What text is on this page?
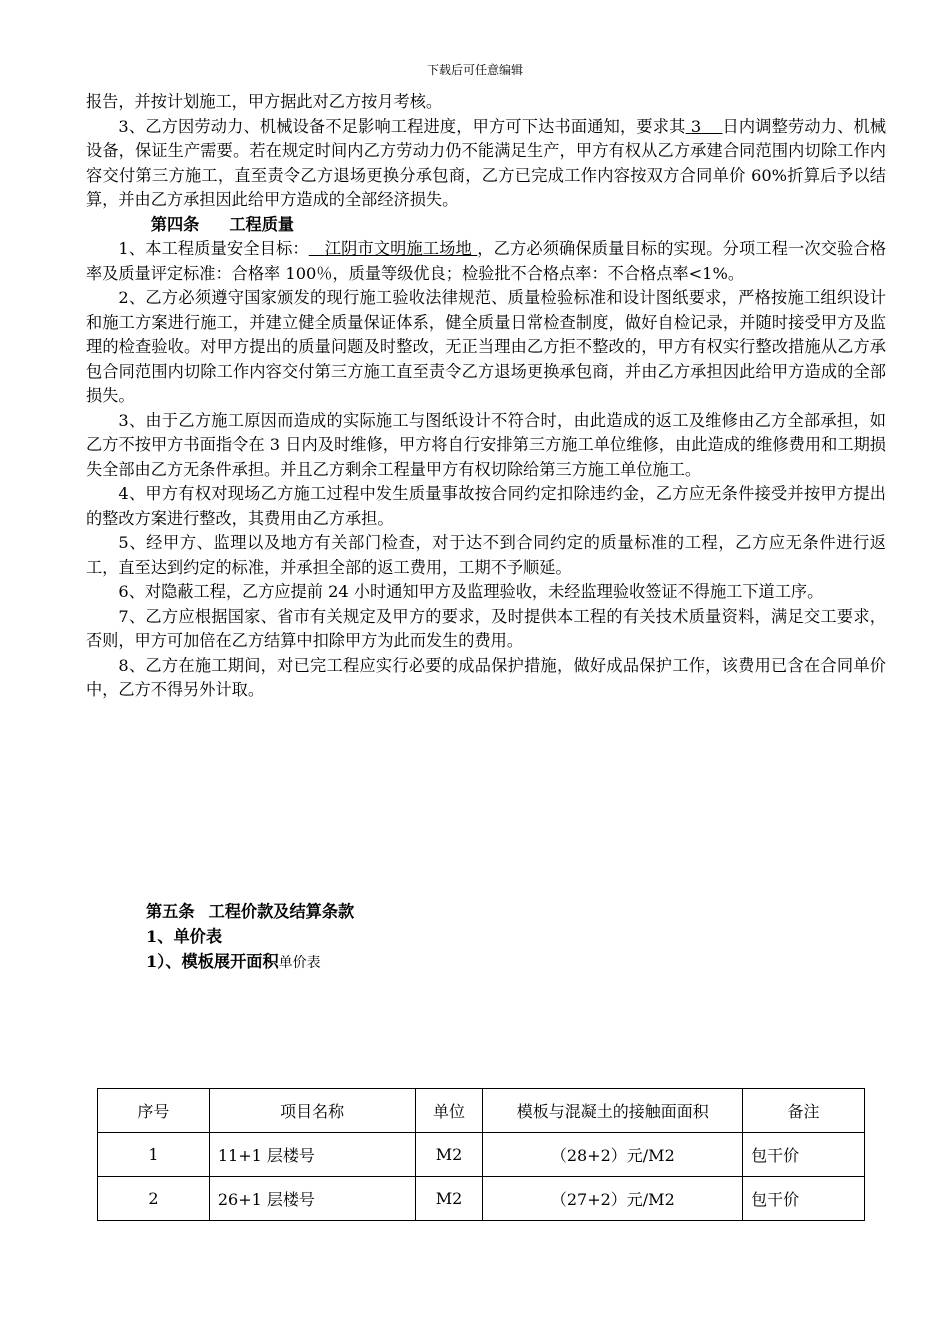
下载后可任意编辑

报告，并按计划施工，甲方据此对乙方按月考核。

3、乙方因劳动力、机械设备不足影响工程进度，甲方可下达书面通知，要求其 3 日内调整劳动力、机械设备，保证生产需要。若在规定时间内乙方劳动力仍不能满足生产，甲方有权从乙方承建合同范围内切除工作内容交付第三方施工，直至责令乙方退场更换分承包商，乙方已完成工作内容按双方合同单价 60%折算后予以结算，并由乙方承担因此给甲方造成的全部经济损失。

第四条 工程质量

1、本工程质量安全目标： 江阴市文明施工场地 ，乙方必须确保质量目标的实现。分项工程一次交验合格率及质量评定标准：合格率 100％，质量等级优良；检验批不合格点率：不合格点率<1%。

2、乙方必须遵守国家颁发的现行施工验收法律规范、质量检验标准和设计图纸要求，严格按施工组织设计和施工方案进行施工，并建立健全质量保证体系，健全质量日常检查制度，做好自检记录，并随时接受甲方及监理的检查验收。对甲方提出的质量问题及时整改，无正当理由乙方拒不整改的，甲方有权实行整改措施从乙方承包合同范围内切除工作内容交付第三方施工直至责令乙方退场更换承包商，并由乙方承担因此给甲方造成的全部损失。

3、由于乙方施工原因而造成的实际施工与图纸设计不符合时，由此造成的返工及维修由乙方全部承担，如乙方不按甲方书面指令在 3 日内及时维修，甲方将自行安排第三方施工单位维修，由此造成的维修费用和工期损失全部由乙方无条件承担。并且乙方剩余工程量甲方有权切除给第三方施工单位施工。

4、甲方有权对现场乙方施工过程中发生质量事故按合同约定扣除违约金，乙方应无条件接受并按甲方提出的整改方案进行整改，其费用由乙方承担。

5、经甲方、监理以及地方有关部门检查，对于达不到合同约定的质量标准的工程，乙方应无条件进行返工，直至达到约定的标准，并承担全部的返工费用，工期不予顺延。

6、对隐蔽工程，乙方应提前 24 小时通知甲方及监理验收，未经监理验收签证不得施工下道工序。

7、乙方应根据国家、省市有关规定及甲方的要求，及时提供本工程的有关技术质量资料，满足交工要求，否则，甲方可加倍在乙方结算中扣除甲方为此而发生的费用。

8、乙方在施工期间，对已完工程应实行必要的成品保护措施，做好成品保护工作，该费用已含在合同单价中，乙方不得另外计取。

第五条 工程价款及结算条款

1、单价表

1）、模板展开面积单价表

序号	项目名称	单位	模板与混凝土的接触面面积	备注
1	11+1 层楼号	M2	（28+2）元/M2	包干价
2	26+1 层楼号	M2	（27+2）元/M2	包干价
